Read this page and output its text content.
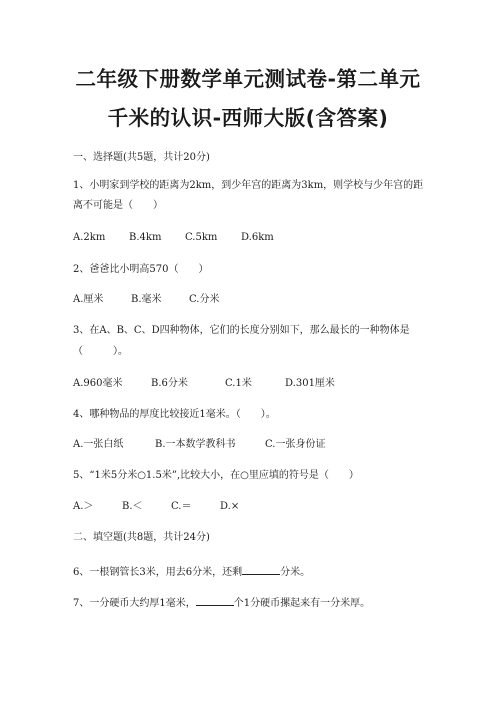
二年级下册数学单元测试卷-第二单元
千米的认识-西师大版(含答案)
一、选择题(共5题，共计20分)
1、小明家到学校的距离为2km，到少年宫的距离为3km，则学校与少年宫的距
离不可能是（　　）
A.2km B.4km C.5km D.6km
2、爸爸比小明高570（　　）
A.厘米	B.毫米	C.分米
3、在A、B、C、D四种物体，它们的长度分别如下，那么最长的一种物体是
（　　　）。
A.960毫米	B.6分米	C.1米	D.301厘米
4、哪种物品的厚度比较接近1毫米。（　　）。
A.一张白纸	B.一本数学教科书	C.一张身份证
5、“1米5分米○1.5米”,比较大小，在○里应填的符号是（　　）
A.＞	B.＜	C.＝	D.×
二、填空题(共8题，共计24分)
6、一根钢管长3米，用去6分米，还剩	分米。
7、一分硬币大约厚1毫米，	个1分硬币摞起来有一分米厚。
